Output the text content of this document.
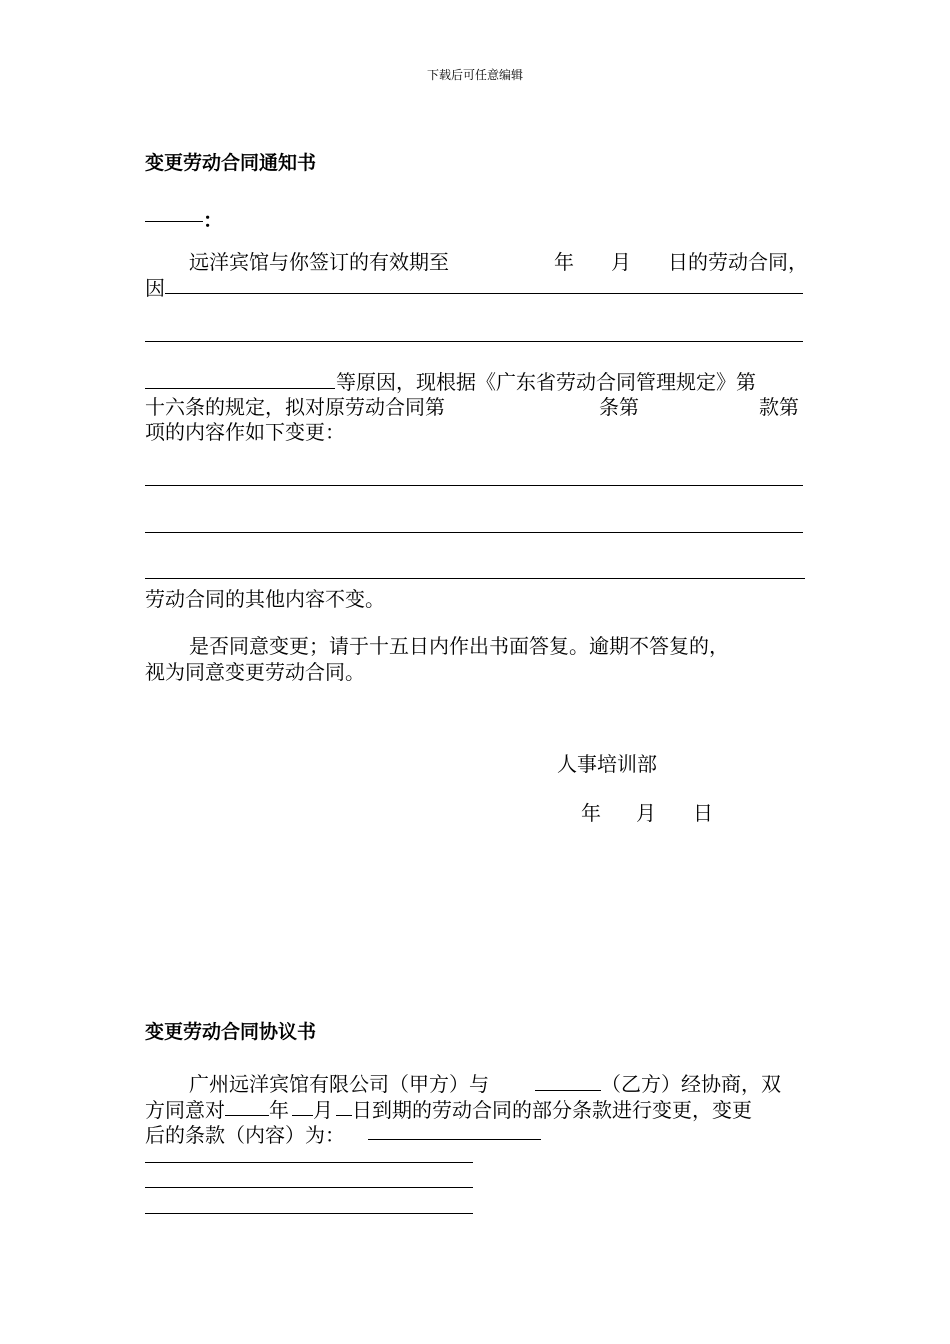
下载后可任意编辑
变更劳动合同通知书
：
远洋宾馆与你签订的有效期至	年 月 日的劳动合同，
因
等原因，现根据《广东省劳动合同管理规定》第
十六条的规定，拟对原劳动合同第	条第	款第
项的内容作如下变更：
劳动合同的其他内容不变。
是否同意变更；请于十五日内作出书面答复。逾期不答复的，
视为同意变更劳动合同。
人事培训部
年 月 日
变更劳动合同协议书
广州远洋宾馆有限公司（甲方）与	（乙方）经协商，双
方同意对 年 月 日到期的劳动合同的部分条款进行变更，变更
后的条款（内容）为：
